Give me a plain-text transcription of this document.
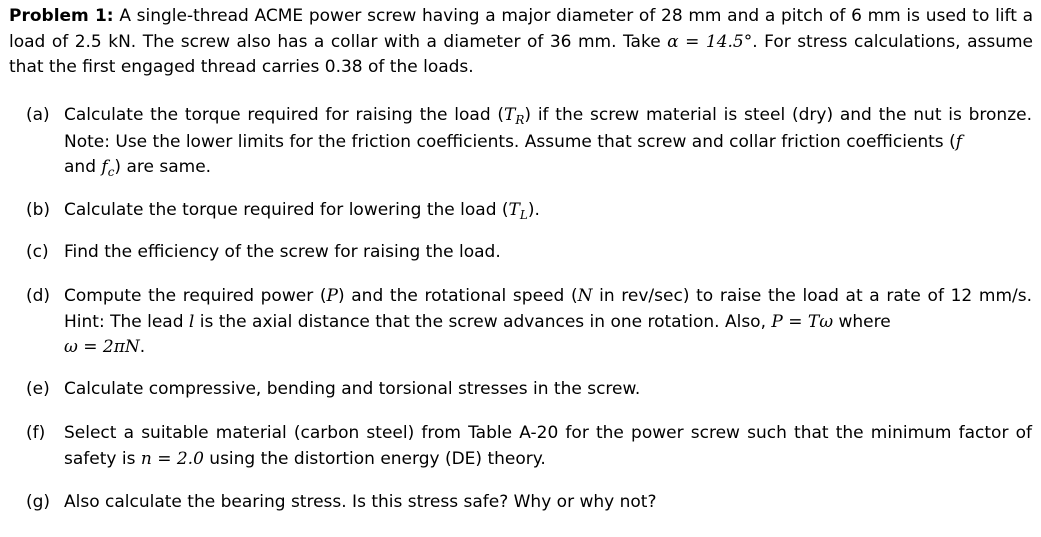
Problem 1: A single-thread ACME power screw having a major diameter of 28 mm and a pitch of 6 mm is used to lift a load of 2.5 kN. The screw also has a collar with a diameter of 36 mm. Take α = 14.5°. For stress calculations, assume that the first engaged thread carries 0.38 of the loads.
(a) Calculate the torque required for raising the load $(T_R)$ if the screw material is steel (dry) and the nut is bronze. Note: Use the lower limits for the friction coefficients. Assume that screw and collar friction coefficients (f
and $f_c$) are same.
(b) Calculate the torque required for lowering the load $(T_L)$.
(c) Find the efficiency of the screw for raising the load.
(d) Compute the required power (P) and the rotational speed (N in rev/sec) to raise the load at a rate of 12 mm/s. Hint: The lead l is the axial distance that the screw advances in one rotation. Also, P = Tω where
ω = 2πN.
(e) Calculate compressive, bending and torsional stresses in the screw.
(f) Select a suitable material (carbon steel) from Table A-20 for the power screw such that the minimum factor of safety is n = 2.0 using the distortion energy (DE) theory.
(g) Also calculate the bearing stress. Is this stress safe? Why or why not?
